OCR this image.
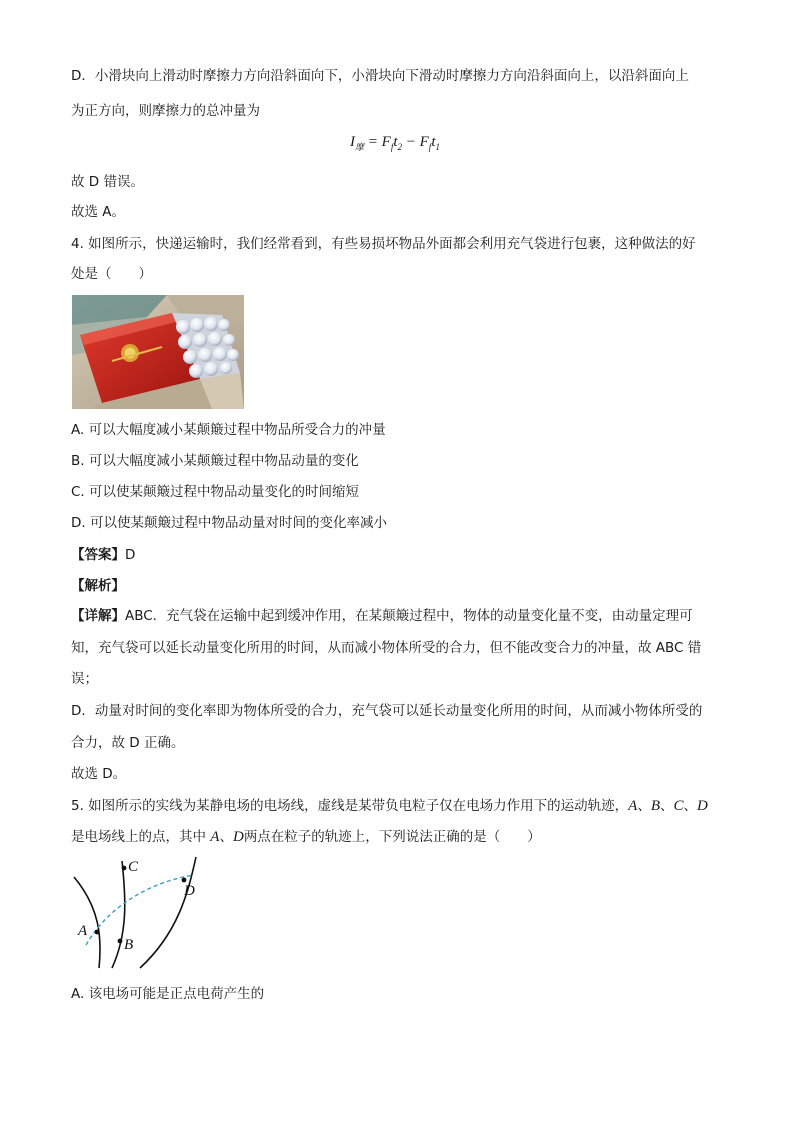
D．小滑块向上滑动时摩擦力方向沿斜面向下，小滑块向下滑动时摩擦力方向沿斜面向上，以沿斜面向上
为正方向，则摩擦力的总冲量为
$I_摩 = F_ft_2 - F_ft_1$
故 D 错误。
故选 A。
4. 如图所示，快递运输时，我们经常看到，有些易损坏物品外面都会利用充气袋进行包裹，这种做法的好
处是（　　）
A. 可以大幅度减小某颠簸过程中物品所受合力的冲量
B. 可以大幅度减小某颠簸过程中物品动量的变化
C. 可以使某颠簸过程中物品动量变化的时间缩短
D. 可以使某颠簸过程中物品动量对时间的变化率减小
【答案】D
【解析】
【详解】ABC．充气袋在运输中起到缓冲作用，在某颠簸过程中，物体的动量变化量不变，由动量定理可
知，充气袋可以延长动量变化所用的时间，从而减小物体所受的合力，但不能改变合力的冲量，故 ABC 错
误；
D．动量对时间的变化率即为物体所受的合力，充气袋可以延长动量变化所用的时间，从而减小物体所受的
合力，故 D 正确。
故选 D。
5. 如图所示的实线为某静电场的电场线，虚线是某带负电粒子仅在电场力作用下的运动轨迹，A、B、C、D
是电场线上的点，其中 A、D两点在粒子的轨迹上，下列说法正确的是（　　）
A
B
C
D
A. 该电场可能是正点电荷产生的
